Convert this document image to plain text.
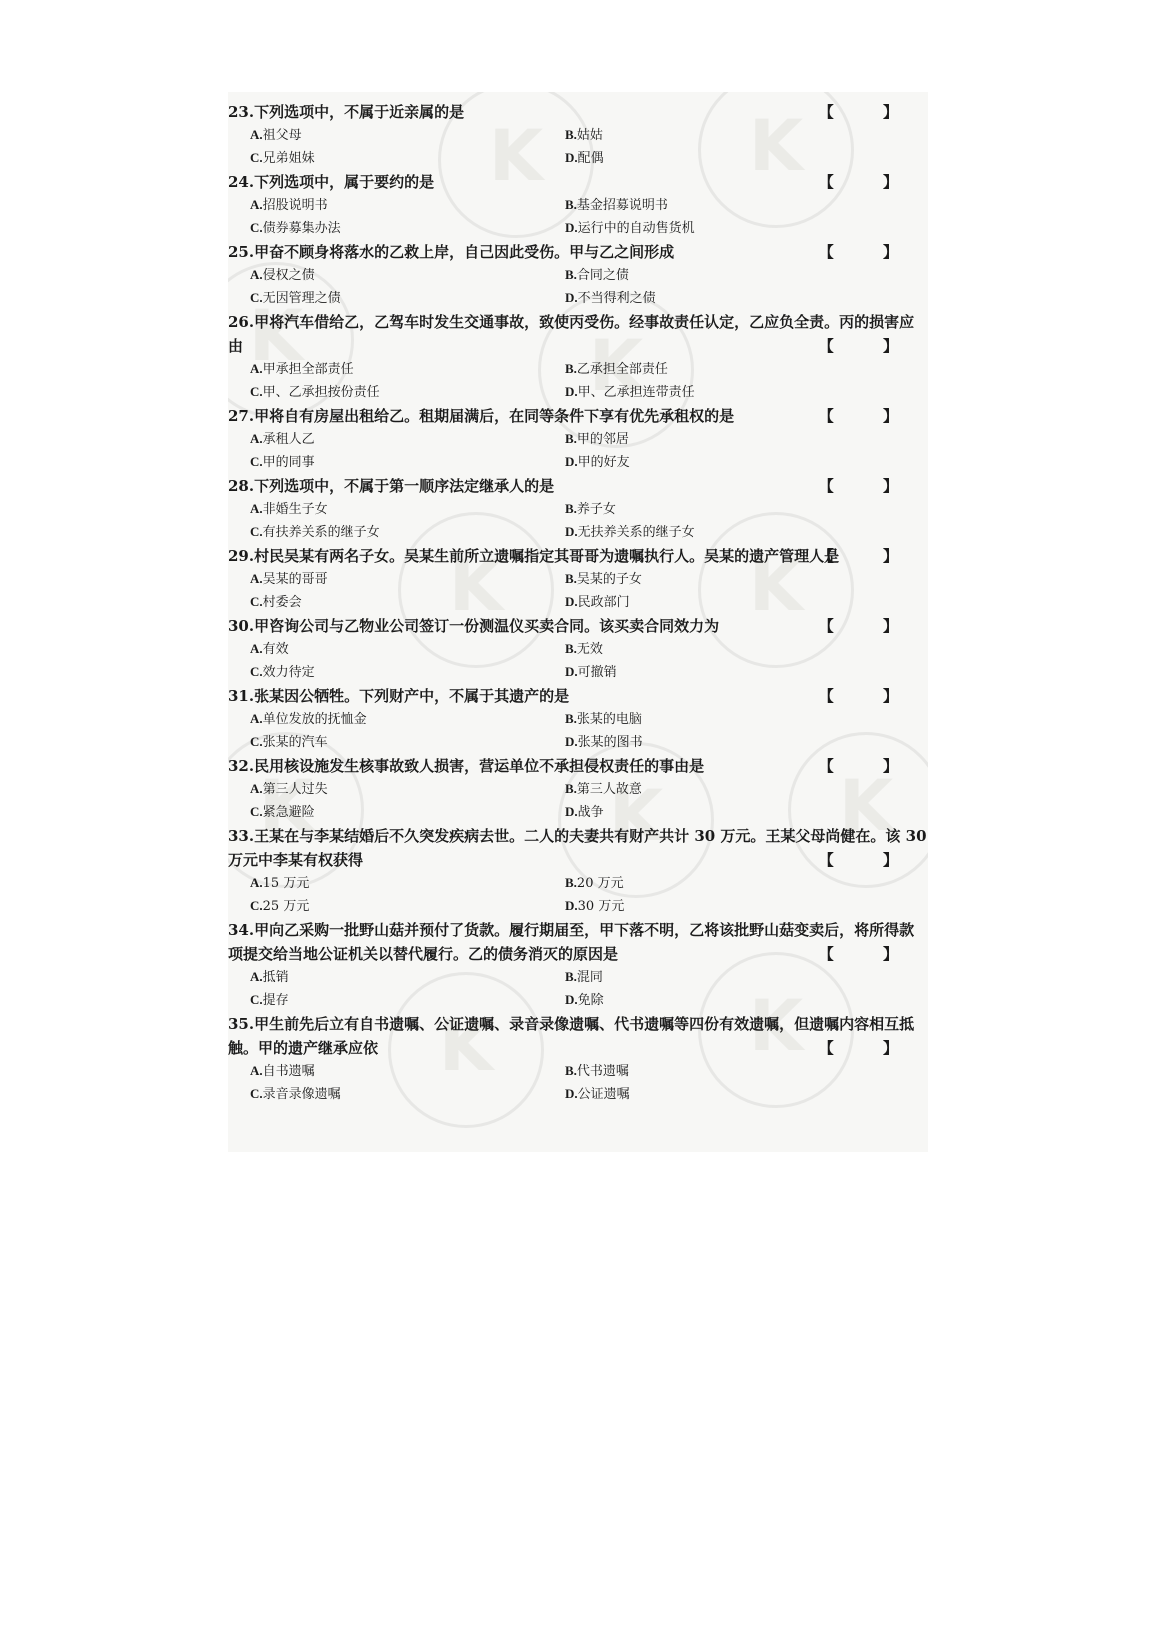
K
K
K
K
K
K
K
K
K
K
K

23.下列选项中，不属于近亲属的是	【 】
A.祖父母	B.姑姑
C.兄弟姐妹	D.配偶

24.下列选项中，属于要约的是	【 】
A.招股说明书	B.基金招募说明书
C.债券募集办法	D.运行中的自动售货机

25.甲奋不顾身将落水的乙救上岸，自己因此受伤。甲与乙之间形成	【 】
A.侵权之债	B.合同之债
C.无因管理之债	D.不当得利之债

26.甲将汽车借给乙，乙驾车时发生交通事故，致使丙受伤。经事故责任认定，乙应负全责。丙的损害应由	【 】

A.甲承担全部责任	B.乙承担全部责任
C.甲、乙承担按份责任	D.甲、乙承担连带责任

27.甲将自有房屋出租给乙。租期届满后，在同等条件下享有优先承租权的是	【 】
A.承租人乙	B.甲的邻居
C.甲的同事	D.甲的好友

28.下列选项中，不属于第一顺序法定继承人的是	【 】
A.非婚生子女	B.养子女
C.有扶养关系的继子女	D.无扶养关系的继子女

29.村民吴某有两名子女。吴某生前所立遗嘱指定其哥哥为遗嘱执行人。吴某的遗产管理人是
【 】

A.吴某的哥哥	B.吴某的子女
C.村委会	D.民政部门

30.甲咨询公司与乙物业公司签订一份测温仪买卖合同。该买卖合同效力为	【 】
A.有效	B.无效
C.效力待定	D.可撤销

31.张某因公牺牲。下列财产中，不属于其遗产的是	【 】
A.单位发放的抚恤金	B.张某的电脑
C.张某的汽车	D.张某的图书

32.民用核设施发生核事故致人损害，营运单位不承担侵权责任的事由是	【 】
A.第三人过失	B.第三人故意
C.紧急避险	D.战争

33.王某在与李某结婚后不久突发疾病去世。二人的夫妻共有财产共计 30 万元。王某父母尚健在。该 30 万元中李某有权获得	【 】

A.15 万元	B.20 万元
C.25 万元	D.30 万元

34.甲向乙采购一批野山菇并预付了货款。履行期届至，甲下落不明，乙将该批野山菇变卖后，将所得款项提交给当地公证机关以替代履行。乙的债务消灭的原因是	【 】

A.抵销	B.混同
C.提存	D.免除

35.甲生前先后立有自书遗嘱、公证遗嘱、录音录像遗嘱、代书遗嘱等四份有效遗嘱，但遗嘱内容相互抵触。甲的遗产继承应依	【 】

A.自书遗嘱	B.代书遗嘱
C.录音录像遗嘱	D.公证遗嘱
